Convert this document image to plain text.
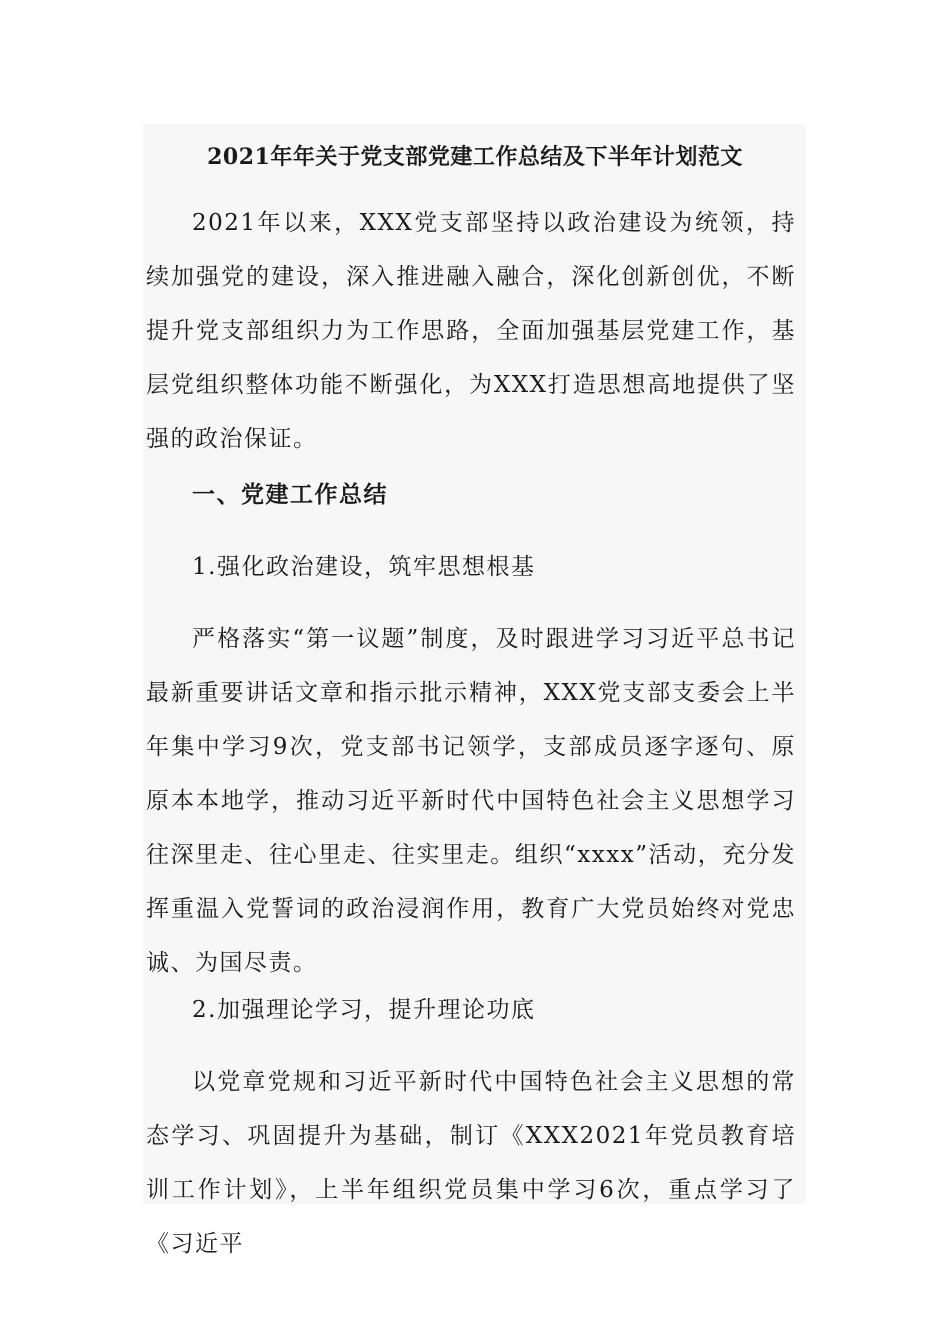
2021年年关于党支部党建工作总结及下半年计划范文

2021年以来，XXX党支部坚持以政治建设为统领，持续加强党的建设，深入推进融入融合，深化创新创优，不断提升党支部组织力为工作思路，全面加强基层党建工作，基层党组织整体功能不断强化，为XXX打造思想高地提供了坚强的政治保证。

一、党建工作总结

1.强化政治建设，筑牢思想根基

严格落实“第一议题”制度，及时跟进学习习近平总书记最新重要讲话文章和指示批示精神，XXX党支部支委会上半年集中学习9次，党支部书记领学，支部成员逐字逐句、原原本本地学，推动习近平新时代中国特色社会主义思想学习往深里走、往心里走、往实里走。组织“xxxx”活动，充分发挥重温入党誓词的政治浸润作用，教育广大党员始终对党忠诚、为国尽责。

2.加强理论学习，提升理论功底

以党章党规和习近平新时代中国特色社会主义思想的常态学习、巩固提升为基础，制订《XXX2021年党员教育培训工作计划》，上半年组织党员集中学习6次，重点学习了《习近平
